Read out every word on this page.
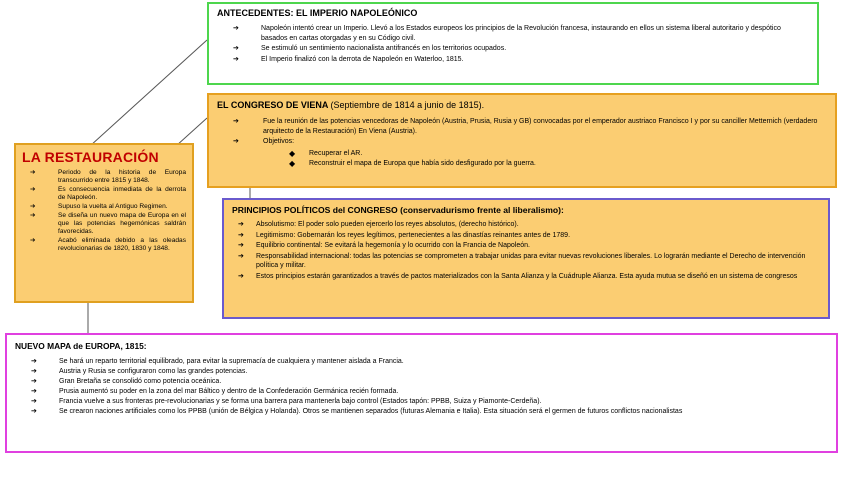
ANTECEDENTES: EL IMPERIO NAPOLEÓNICO
➔	Napoleón intentó crear un Imperio. Llevó a los Estados europeos los principios de la Revolución francesa, instaurando en ellos un sistema liberal autoritario y despótico basados en cartas otorgadas y en su Código civil.
➔	Se estimuló un sentimiento nacionalista antifrancés en los territorios ocupados.
➔	El Imperio finalizó con la derrota de Napoleón en Waterloo, 1815.
EL CONGRESO DE VIENA (Septiembre de 1814 a junio de 1815).
➔	Fue la reunión de las potencias vencedoras de Napoleón (Austria, Prusia, Rusia y GB) convocadas por el emperador austriaco Francisco I y por su canciller Metternich (verdadero arquitecto de la Restauración) En Viena (Austria).
➔	Objetivos:
◆ Recuperar el AR.
◆ Reconstruir el mapa de Europa que había sido desfigurado por la guerra.
LA RESTAURACIÓN
➔	Periodo de la historia de Europa transcurrido entre 1815 y 1848.
➔	Es consecuencia inmediata de la derrota de Napoleón.
➔	Supuso la vuelta al Antiguo Regimen.
➔	Se diseña un nuevo mapa de Europa en el que las potencias hegemónicas saldrán favorecidas.
➔	Acabó eliminada debido a las oleadas revolucionarias de 1820, 1830 y 1848.
PRINCIPIOS POLÍTICOS del CONGRESO (conservadurismo frente al liberalismo):
➔ Absolutismo: El poder solo pueden ejercerlo los reyes absolutos, (derecho histórico).
➔ Legitimismo: Gobernarán los reyes legítimos, pertenecientes a las dinastías reinantes antes de 1789.
➔ Equilibrio continental: Se evitará la hegemonía y lo ocurrido con la Francia de Napoleón.
➔ Responsabilidad internacional: todas las potencias se comprometen a trabajar unidas para evitar nuevas revoluciones liberales. Lo lograrán mediante el Derecho de intervención política y militar.
➔ Estos principios estarán garantizados a través de pactos materializados con la Santa Alianza y la Cuádruple Alianza. Esta ayuda mutua se diseñó en un sistema de congresos
NUEVO MAPA de EUROPA, 1815:
➔	Se hará un reparto territorial equilibrado, para evitar la supremacía de cualquiera y mantener aislada a Francia.
➔	Austria y Rusia se configuraron como las grandes potencias.
➔	Gran Bretaña se consolidó como potencia oceánica.
➔	Prusia aumentó su poder en la zona del mar Báltico y dentro de la Confederación Germánica recién formada.
➔	Francia vuelve a sus fronteras pre-revolucionarias y se forma una barrera para mantenerla bajo control (Estados tapón: PPBB, Suiza y Piamonte-Cerdeña).
➔	Se crearon naciones artificiales como los PPBB (unión de Bélgica y Holanda). Otros se mantienen separados (futuras Alemania e Italia). Esta situación será el germen de futuros conflictos nacionalistas
